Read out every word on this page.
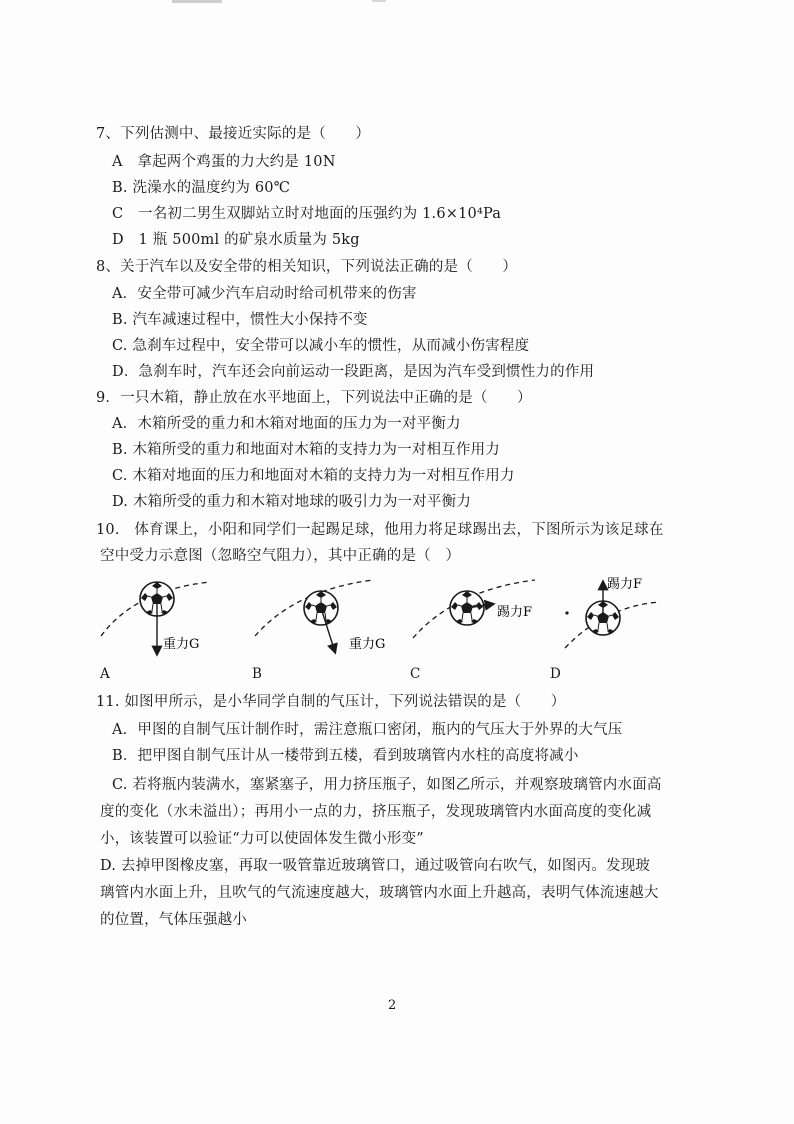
7、下列估测中、最接近实际的是（　　）
A　拿起两个鸡蛋的力大约是 10N
B. 洗澡水的温度约为 60℃
C　一名初二男生双脚站立时对地面的压强约为 1.6×10⁴Pa
D　1 瓶 500ml 的矿泉水质量为 5kg
8、关于汽车以及安全带的相关知识，下列说法正确的是（　　）
A．安全带可减少汽车启动时给司机带来的伤害
B. 汽车减速过程中，惯性大小保持不变
C. 急刹车过程中，安全带可以减小车的惯性，从而减小伤害程度
D．急刹车时，汽车还会向前运动一段距离，是因为汽车受到惯性力的作用
9．一只木箱，静止放在水平地面上，下列说法中正确的是（　　）
A．木箱所受的重力和木箱对地面的压力为一对平衡力
B. 木箱所受的重力和地面对木箱的支持力为一对相互作用力
C. 木箱对地面的压力和地面对木箱的支持力为一对相互作用力
D. 木箱所受的重力和木箱对地球的吸引力为一对平衡力
10.　体育课上，小阳和同学们一起踢足球，他用力将足球踢出去，下图所示为该足球在
空中受力示意图（忽略空气阻力），其中正确的是（　）
重力G	重力G
踢力F
踢力F
A	B	C	D
11. 如图甲所示，是小华同学自制的气压计，下列说法错误的是（　　）
A．甲图的自制气压计制作时，需注意瓶口密闭，瓶内的气压大于外界的大气压
B．把甲图自制气压计从一楼带到五楼，看到玻璃管内水柱的高度将减小
C. 若将瓶内装满水，塞紧塞子，用力挤压瓶子，如图乙所示，并观察玻璃管内水面高
度的变化（水未溢出）；再用小一点的力，挤压瓶子，发现玻璃管内水面高度的变化减
小，该装置可以验证“力可以使固体发生微小形变”
D. 去掉甲图橡皮塞，再取一吸管靠近玻璃管口，通过吸管向右吹气，如图丙。发现玻
璃管内水面上升，且吹气的气流速度越大，玻璃管内水面上升越高，表明气体流速越大
的位置，气体压强越小
2
